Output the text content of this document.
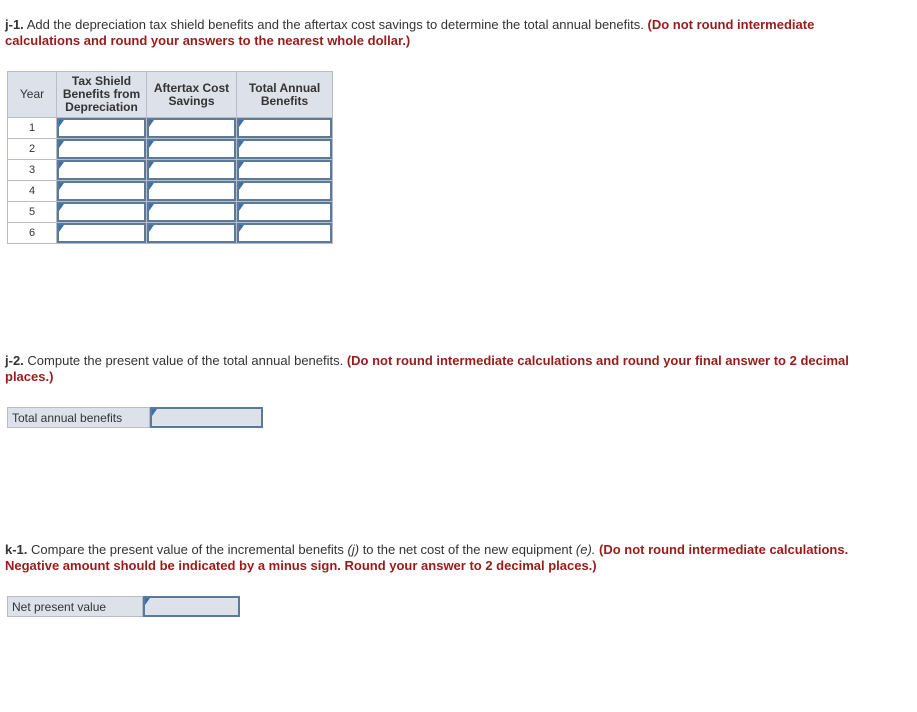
j-1. Add the depreciation tax shield benefits and the aftertax cost savings to determine the total annual benefits. (Do not round intermediate calculations and round your answers to the nearest whole dollar.)
Year	Tax Shield Benefits from Depreciation	Aftertax Cost Savings	Total Annual Benefits
1	

2	

3	

4	

5	

6	

j-2. Compute the present value of the total annual benefits. (Do not round intermediate calculations and round your final answer to 2 decimal places.)
Total annual benefits
k-1. Compare the present value of the incremental benefits (j) to the net cost of the new equipment (e). (Do not round intermediate calculations. Negative amount should be indicated by a minus sign. Round your answer to 2 decimal places.)
Net present value
